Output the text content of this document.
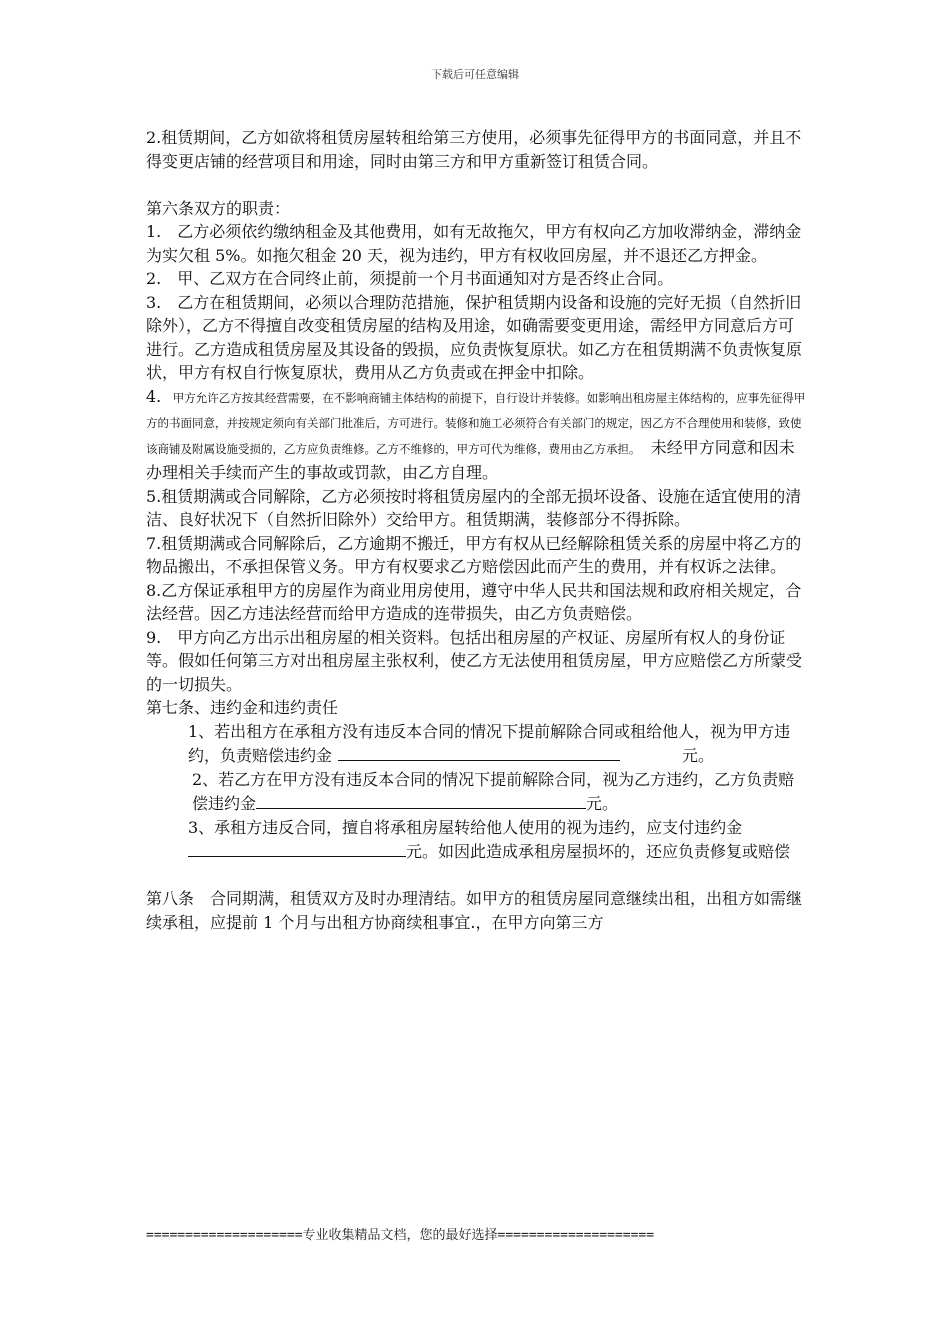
下载后可任意编辑

2.租赁期间，乙方如欲将租赁房屋转租给第三方使用，必须事先征得甲方的书面同意，并且不得变更店铺的经营项目和用途，同时由第三方和甲方重新签订租赁合同。

第六条双方的职责：

1.　乙方必须依约缴纳租金及其他费用，如有无故拖欠，甲方有权向乙方加收滞纳金，滞纳金为实欠租 5%。如拖欠租金 20 天，视为违约，甲方有权收回房屋，并不退还乙方押金。

2.　甲、乙双方在合同终止前，须提前一个月书面通知对方是否终止合同。

3.　乙方在租赁期间，必须以合理防范措施，保护租赁期内设备和设施的完好无损（自然折旧除外），乙方不得擅自改变租赁房屋的结构及用途，如确需要变更用途，需经甲方同意后方可进行。乙方造成租赁房屋及其设备的毁损，应负责恢复原状。如乙方在租赁期满不负责恢复原状，甲方有权自行恢复原状，费用从乙方负责或在押金中扣除。

4.　甲方允许乙方按其经营需要，在不影响商铺主体结构的前提下，自行设计并装修。如影响出租房屋主体结构的，应事先征得甲方的书面同意，并按规定须向有关部门批准后，方可进行。装修和施工必须符合有关部门的规定，因乙方不合理使用和装修，致使该商铺及附属设施受损的，乙方应负责维修。乙方不维修的，甲方可代为维修，费用由乙方承担。　未经甲方同意和因未办理相关手续而产生的事故或罚款，由乙方自理。

5.租赁期满或合同解除，乙方必须按时将租赁房屋内的全部无损坏设备、设施在适宜使用的清洁、良好状况下（自然折旧除外）交给甲方。租赁期满，装修部分不得拆除。

7.租赁期满或合同解除后，乙方逾期不搬迁，甲方有权从已经解除租赁关系的房屋中将乙方的物品搬出，不承担保管义务。甲方有权要求乙方赔偿因此而产生的费用，并有权诉之法律。

8.乙方保证承租甲方的房屋作为商业用房使用，遵守中华人民共和国法规和政府相关规定，合法经营。因乙方违法经营而给甲方造成的连带损失，由乙方负责赔偿。

9.　甲方向乙方出示出租房屋的相关资料。包括出租房屋的产权证、房屋所有权人的身份证等。假如任何第三方对出租房屋主张权利，使乙方无法使用租赁房屋，甲方应赔偿乙方所蒙受的一切损失。

第七条、违约金和违约责任

1、若出租方在承租方没有违反本合同的情况下提前解除合同或租给他人，视为甲方违约，负责赔偿违约金	元。

2、若乙方在甲方没有违反本合同的情况下提前解除合同，视为乙方违约，乙方负责赔偿违约金	元。

3、承租方违反合同，擅自将承租房屋转给他人使用的视为违约，应支付违约金元。如因此造成承租房屋损坏的，还应负责修复或赔偿

第八条　合同期满，租赁双方及时办理清结。如甲方的租赁房屋同意继续出租，出租方如需继续承租，应提前 1 个月与出租方协商续租事宜.，在甲方向第三方

====================专业收集精品文档，您的最好选择====================
